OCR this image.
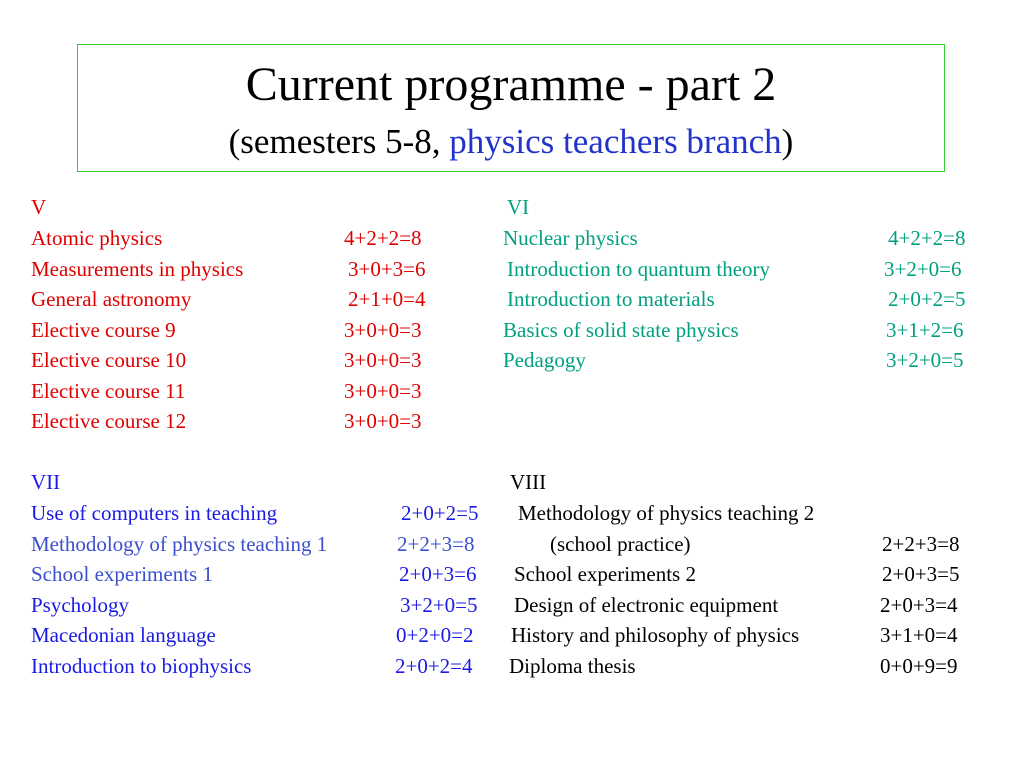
Current programme - part 2
(semesters 5-8, physics teachers branch)
V
Atomic physics	4+2+2=8
Measurements in physics	3+0+3=6
General astronomy	2+1+0=4
Elective course 9	3+0+0=3
Elective course 10	3+0+0=3
Elective course 11	3+0+0=3
Elective course 12	3+0+0=3
VI
Nuclear physics	4+2+2=8
Introduction to quantum theory	3+2+0=6
Introduction to materials	2+0+2=5
Basics of solid state physics	3+1+2=6
Pedagogy	3+2+0=5
VII
Use of computers in teaching	2+0+2=5
Methodology of physics teaching 1	2+2+3=8
School experiments 1	2+0+3=6
Psychology	3+2+0=5
Macedonian language	0+2+0=2
Introduction to biophysics	2+0+2=4
VIII
Methodology of physics teaching 2
(school practice)	2+2+3=8
School experiments 2	2+0+3=5
Design of electronic equipment	2+0+3=4
History and philosophy of physics	3+1+0=4
Diploma thesis	0+0+9=9
